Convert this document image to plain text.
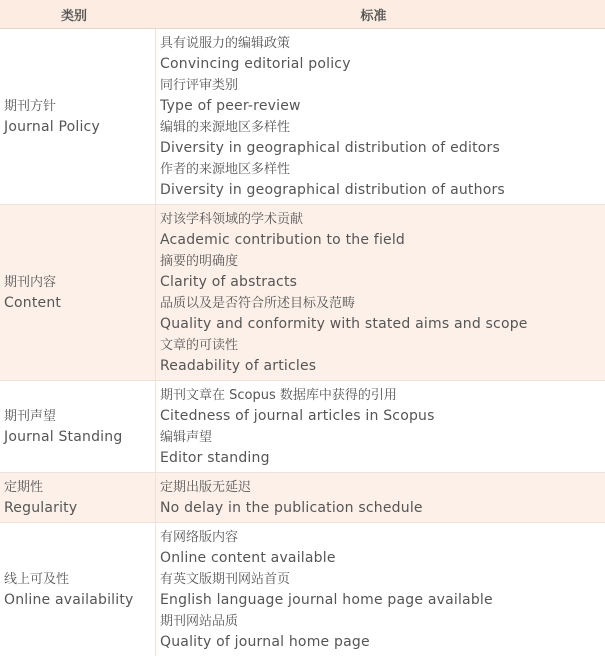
类别	标准
期刊方针
Journal Policy
具有说服力的编辑政策
Convincing editorial policy
同行评审类别
Type of peer-review
编辑的来源地区多样性
Diversity in geographical distribution of editors
作者的来源地区多样性
Diversity in geographical distribution of authors
期刊内容
Content
对该学科领域的学术贡献
Academic contribution to the field
摘要的明确度
Clarity of abstracts
品质以及是否符合所述目标及范畴
Quality and conformity with stated aims and scope
文章的可读性
Readability of articles
期刊声望
Journal Standing
期刊文章在 Scopus 数据库中获得的引用
Citedness of journal articles in Scopus
编辑声望
Editor standing
定期性
Regularity
定期出版无延迟
No delay in the publication schedule
线上可及性
Online availability
有网络版内容
Online content available
有英文版期刊网站首页
English language journal home page available
期刊网站品质
Quality of journal home page
